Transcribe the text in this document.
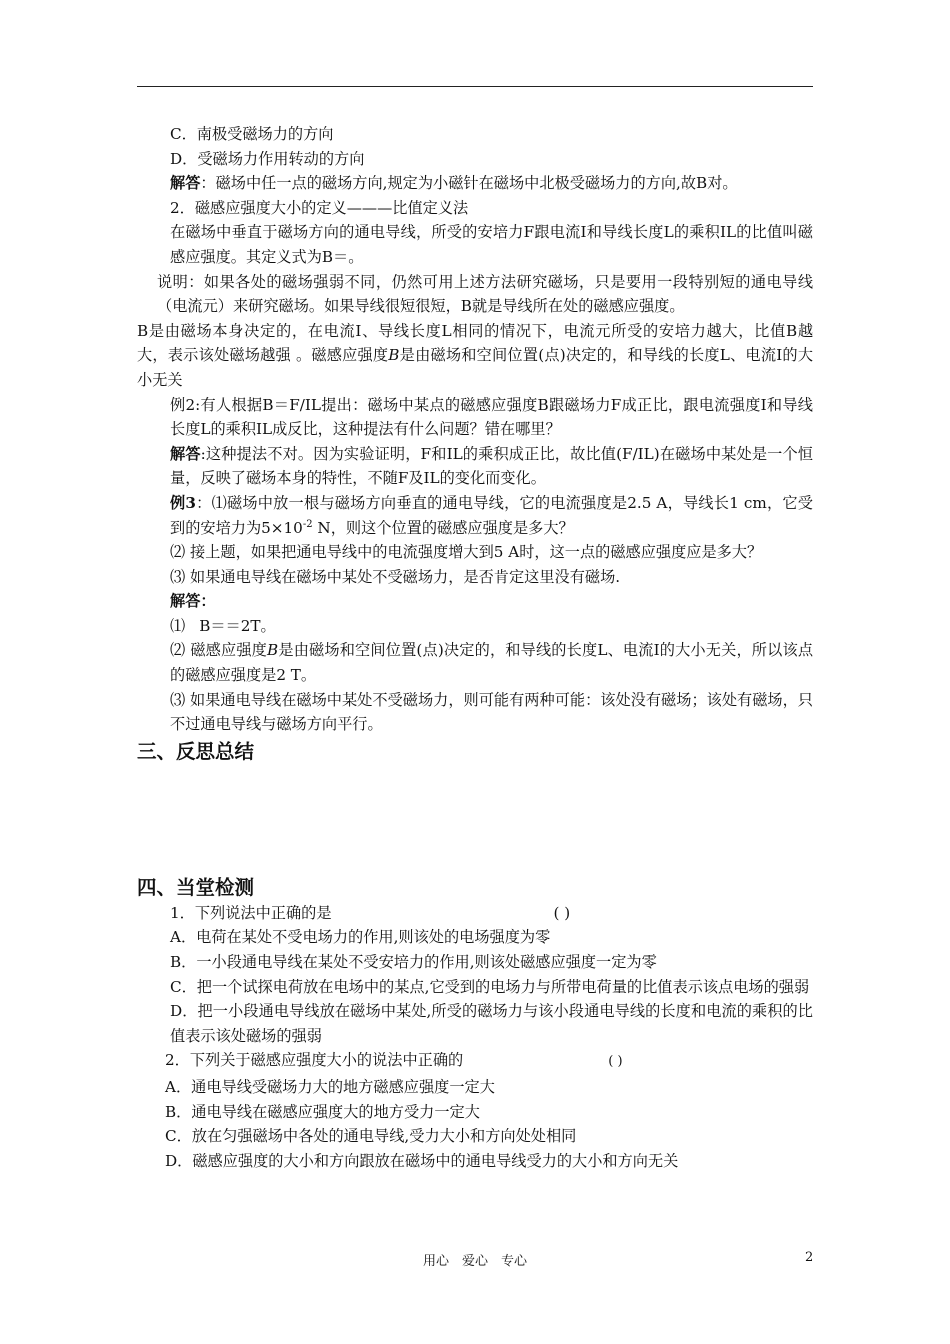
C．南极受磁场力的方向

D．受磁场力作用转动的方向

解答：磁场中任一点的磁场方向,规定为小磁针在磁场中北极受磁场力的方向,故B对。

2．磁感应强度大小的定义———比值定义法

在磁场中垂直于磁场方向的通电导线，所受的安培力F跟电流I和导线长度L的乘积IL的比值叫磁感应强度。其定义式为B＝。

说明：如果各处的磁场强弱不同，仍然可用上述方法研究磁场，只是要用一段特别短的通电导线（电流元）来研究磁场。如果导线很短很短，B就是导线所在处的磁感应强度。

B是由磁场本身决定的，在电流I、导线长度L相同的情况下，电流元所受的安培力越大，比值B越大，表示该处磁场越强 。磁感应强度B是由磁场和空间位置(点)决定的，和导线的长度L、电流I的大小无关

例2:有人根据B＝F/IL提出：磁场中某点的磁感应强度B跟磁场力F成正比，跟电流强度I和导线长度L的乘积IL成反比，这种提法有什么问题？错在哪里？

解答:这种提法不对。因为实验证明，F和IL的乘积成正比，故比值(F/IL)在磁场中某处是一个恒量，反映了磁场本身的特性，不随F及IL的变化而变化。

例3：⑴磁场中放一根与磁场方向垂直的通电导线，它的电流强度是2.5 A，导线长1 cm，它受到的安培力为$5\times 10^{-2}$ N，则这个位置的磁感应强度是多大？

⑵ 接上题，如果把通电导线中的电流强度增大到5 A时，这一点的磁感应强度应是多大？

⑶ 如果通电导线在磁场中某处不受磁场力，是否肯定这里没有磁场.

解答：

⑴ B＝＝2T。

⑵ 磁感应强度B是由磁场和空间位置(点)决定的，和导线的长度L、电流I的大小无关，所以该点的磁感应强度是2 T。

⑶ 如果通电导线在磁场中某处不受磁场力，则可能有两种可能：该处没有磁场；该处有磁场，只不过通电导线与磁场方向平行。

三、反思总结

四、当堂检测

1．下列说法中正确的是	( )

A．电荷在某处不受电场力的作用,则该处的电场强度为零

B．一小段通电导线在某处不受安培力的作用,则该处磁感应强度一定为零

C．把一个试探电荷放在电场中的某点,它受到的电场力与所带电荷量的比值表示该点电场的强弱

D．把一小段通电导线放在磁场中某处,所受的磁场力与该小段通电导线的长度和电流的乘积的比值表示该处磁场的强弱

2．下列关于磁感应强度大小的说法中正确的	( )

A．通电导线受磁场力大的地方磁感应强度一定大

B．通电导线在磁感应强度大的地方受力一定大

C．放在匀强磁场中各处的通电导线,受力大小和方向处处相同

D．磁感应强度的大小和方向跟放在磁场中的通电导线受力的大小和方向无关

用心　爱心　专心	2
